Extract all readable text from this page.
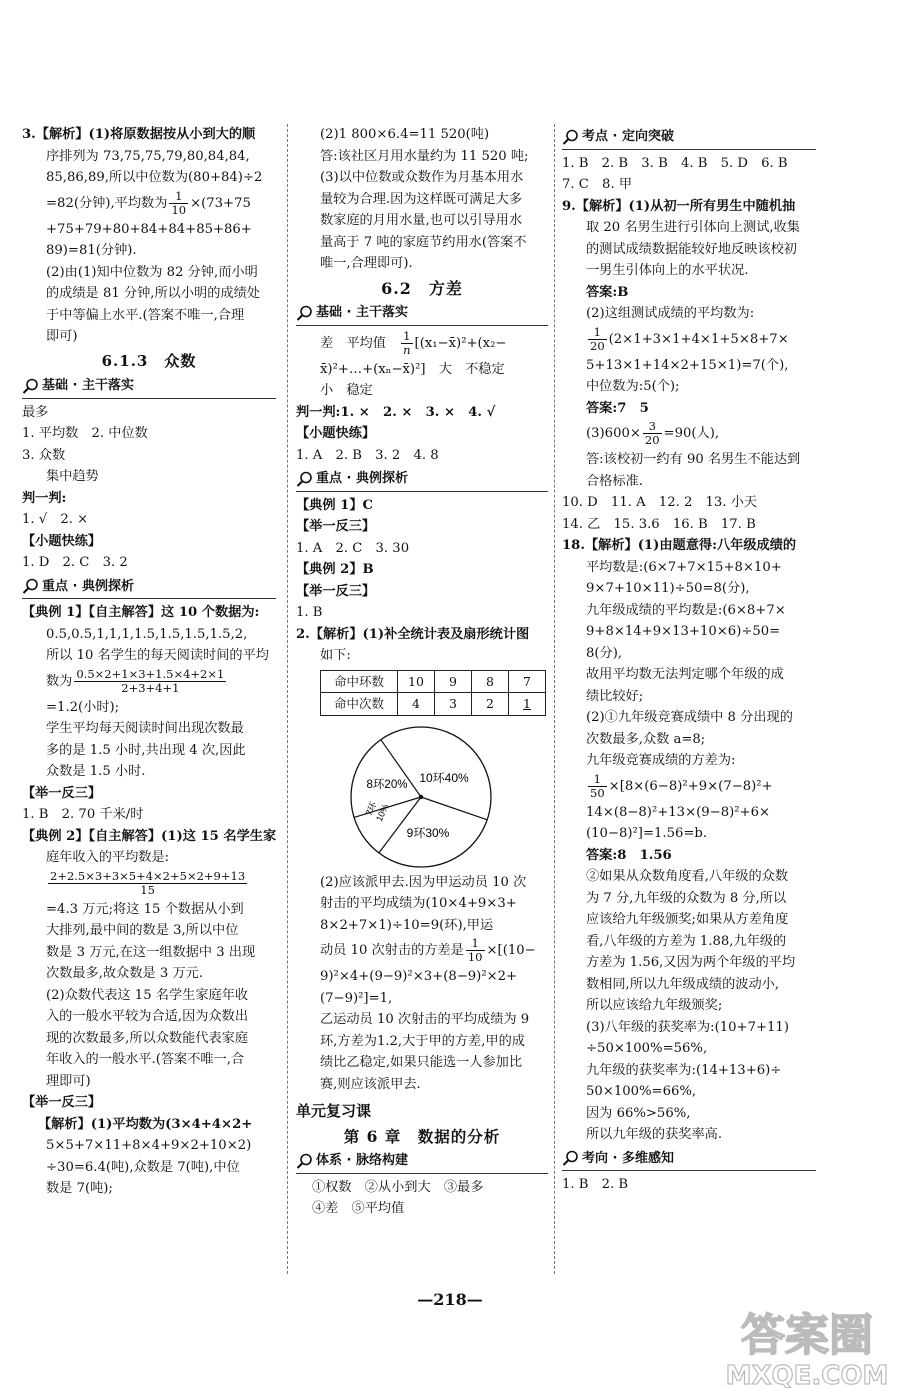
3.【解析】(1)将原数据按从小到大的顺
序排列为 73,75,75,79,80,84,84,
85,86,89,所以中位数为(80+84)÷2
=82(分钟),平均数为 $\frac{1}{10} \times(73+75$
+75+79+80+84+84+85+86+
89)=81(分钟).
(2)由(1)知中位数为 82 分钟,而小明
的成绩是 81 分钟,所以小明的成绩处
于中等偏上水平.(答案不唯一,合理
即可)
6.1.3　众数
基础 · 主干落实
最多
1. 平均数　2. 中位数
3. 众数
集中趋势
判一判:
1. √　2. ×
【小题快练】
1. D　2. C　3. 2
重点 · 典例探析
【典例 1】【自主解答】这 10 个数据为:
0.5,0.5,1,1,1,1.5,1.5,1.5,1.5,2,
所以 10 名学生的每天阅读时间的平均
数为 $\frac{0.5\times 2+1\times 3+1.5\times 4+2\times 1}{2+3+4+1}$
=1.2(小时);
学生平均每天阅读时间出现次数最
多的是 1.5 小时,共出现 4 次,因此
众数是 1.5 小时.
【举一反三】
1. B　2. 70 千米/时
【典例 2】【自主解答】(1)这 15 名学生家
庭年收入的平均数是:
$\frac{2+2.5\times 3+3\times 5+4\times 2+5\times 2+9+13}{15}$
=4.3 万元;将这 15 个数据从小到
大排列,最中间的数是 3,所以中位
数是 3 万元,在这一组数据中 3 出现
次数最多,故众数是 3 万元.
(2)众数代表这 15 名学生家庭年收
入的一般水平较为合适,因为众数出
现的次数最多,所以众数能代表家庭
年收入的一般水平.(答案不唯一,合
理即可)
【举一反三】
【解析】(1)平均数为(3×4+4×2+
5×5+7×11+8×4+9×2+10×2)
÷30=6.4(吨),众数是 7(吨),中位
数是 7(吨);
(2)1 800×6.4=11 520(吨)
答:该社区月用水量约为 11 520 吨;
(3)以中位数或众数作为月基本用水
量较为合理.因为这样既可满足大多
数家庭的月用水量,也可以引导用水
量高于 7 吨的家庭节约用水(答案不
唯一,合理即可).
6.2　方差
基础 · 主干落实
差　平均值　 $\frac{1}{n}$ [(x₁−x̄)²+(x₂−
x̄)²+…+(xₙ−x̄)²]　大　不稳定
小　稳定
判一判:1. ×　2. ×　3. ×　4. √
【小题快练】
1. A　2. B　3. 2　4. 8
重点 · 典例探析
【典例 1】C
【举一反三】
1. A　2. C　3. 30
【典例 2】B
【举一反三】
1. B
2.【解析】(1)补全统计表及扇形统计图
如下:
命中环数	10	9	8	7
命中次数	4	3	2	1
10环40%
9环30%
8环20%
7环
10%
(2)应该派甲去.因为甲运动员 10 次
射击的平均成绩为(10×4+9×3+
8×2+7×1)÷10=9(环),甲运
动员 10 次射击的方差是 $\frac{1}{10} \times[(10-$
9)²×4+(9−9)²×3+(8−9)²×2+
(7−9)²]=1,
乙运动员 10 次射击的平均成绩为 9
环,方差为1.2,大于甲的方差,甲的成
绩比乙稳定,如果只能选一人参加比
赛,则应该派甲去.
单元复习课
第 6 章　数据的分析
体系 · 脉络构建
①权数　②从小到大　③最多
④差　⑤平均值
考点 · 定向突破
1. B　2. B　3. B　4. B　5. D　6. B
7. C　8. 甲
9.【解析】(1)从初一所有男生中随机抽
取 20 名男生进行引体向上测试,收集
的测试成绩数据能较好地反映该校初
一男生引体向上的水平状况.
答案:B
(2)这组测试成绩的平均数为:
$\frac{1}{20} (2\times 1+3\times 1+4\times 1+5\times 8+7\times$
5+13×1+14×2+15×1)=7(个),
中位数为:5(个);
答案:7　5
$(3)600\times \frac{3}{20} =90$(人),
答:该校初一约有 90 名男生不能达到
合格标准.
10. D　11. A　12. 2　13. 小天
14. 乙　15. 3.6　16. B　17. B
18.【解析】(1)由题意得:八年级成绩的
平均数是:(6×7+7×15+8×10+
9×7+10×11)÷50=8(分),
九年级成绩的平均数是:(6×8+7×
9+8×14+9×13+10×6)÷50=
8(分),
故用平均数无法判定哪个年级的成
绩比较好;
(2)①九年级竞赛成绩中 8 分出现的
次数最多,众数 a=8;
九年级竞赛成绩的方差为:
$\frac{1}{50} \times[8\times(6-8)^2+9\times(7-8)^2+$
14×(8−8)²+13×(9−8)²+6×
(10−8)²]=1.56=b.
答案:8　1.56
②如果从众数角度看,八年级的众数
为 7 分,九年级的众数为 8 分,所以
应该给九年级颁奖;如果从方差角度
看,八年级的方差为 1.88,九年级的
方差为 1.56,又因为两个年级的平均
数相同,所以九年级成绩的波动小,
所以应该给九年级颁奖;
(3)八年级的获奖率为:(10+7+11)
÷50×100%=56%,
九年级的获奖率为:(14+13+6)÷
50×100%=66%,
因为 66%>56%,
所以九年级的获奖率高.
考向 · 多维感知
1. B　2. B
—218—
答案圈
MXQE.COM
